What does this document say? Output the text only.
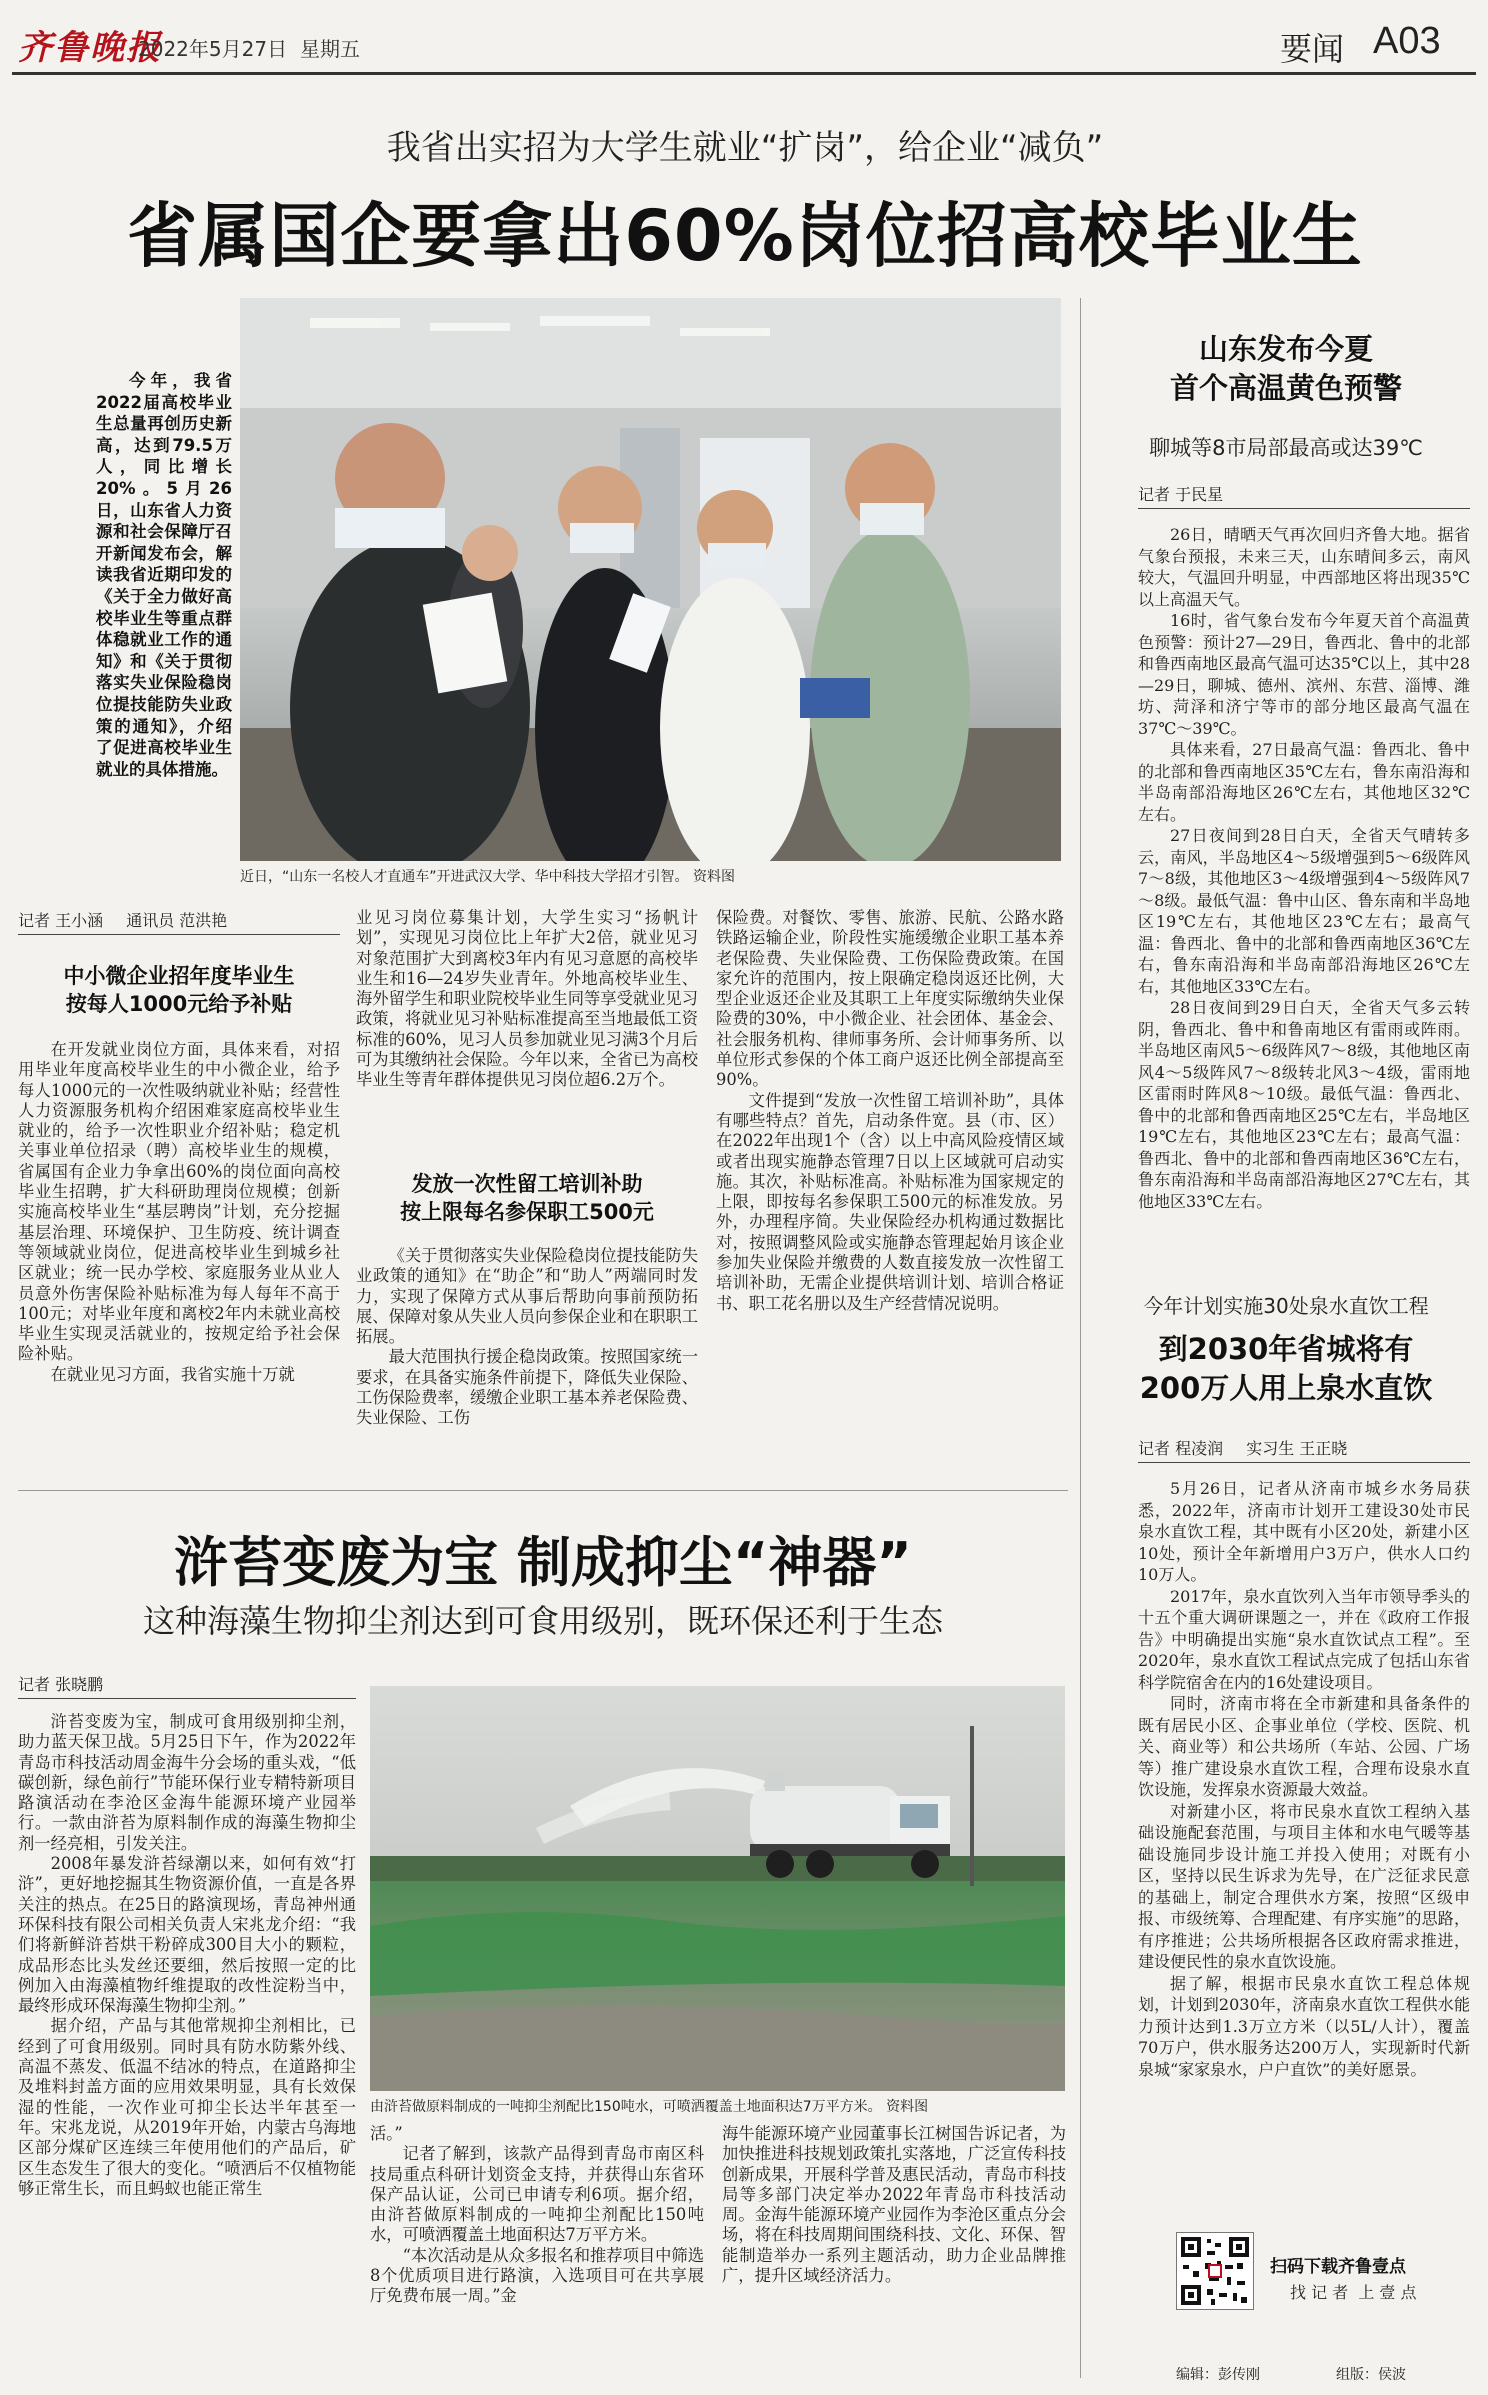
齐鲁晚报
2022年5月27日 星期五	要闻 A03
我省出实招为大学生就业“扩岗”，给企业“减负”
省属国企要拿出60%岗位招高校毕业生
近日，“山东一名校人才直通车”开进武汉大学、华中科技大学招才引智。 资料图
今年，我省2022届高校毕业生总量再创历史新高，达到79.5万人，同比增长20%。5月26日，山东省人力资源和社会保障厅召开新闻发布会，解读我省近期印发的《关于全力做好高校毕业生等重点群体稳就业工作的通知》和《关于贯彻落实失业保险稳岗位提技能防失业政策的通知》，介绍了促进高校毕业生就业的具体措施。
记者 王小涵 通讯员 范洪艳
中小微企业招年度毕业生
按每人1000元给予补贴

在开发就业岗位方面，具体来看，对招用毕业年度高校毕业生的中小微企业，给予每人1000元的一次性吸纳就业补贴；经营性人力资源服务机构介绍困难家庭高校毕业生就业的，给予一次性职业介绍补贴；稳定机关事业单位招录（聘）高校毕业生的规模，省属国有企业力争拿出60%的岗位面向高校毕业生招聘，扩大科研助理岗位规模；创新实施高校毕业生“基层聘岗”计划，充分挖掘基层治理、环境保护、卫生防疫、统计调查等领域就业岗位，促进高校毕业生到城乡社区就业；统一民办学校、家庭服务业从业人员意外伤害保险补贴标准为每人每年不高于100元；对毕业年度和离校2年内未就业高校毕业生实现灵活就业的，按规定给予社会保险补贴。

在就业见习方面，我省实施十万就

业见习岗位募集计划，大学生实习“扬帆计划”，实现见习岗位比上年扩大2倍，就业见习对象范围扩大到离校3年内有见习意愿的高校毕业生和16—24岁失业青年。外地高校毕业生、海外留学生和职业院校毕业生同等享受就业见习政策，将就业见习补贴标准提高至当地最低工资标准的60%，见习人员参加就业见习满3个月后可为其缴纳社会保险。今年以来，全省已为高校毕业生等青年群体提供见习岗位超6.2万个。

发放一次性留工培训补助
按上限每名参保职工500元

《关于贯彻落实失业保险稳岗位提技能防失业政策的通知》在“助企”和“助人”两端同时发力，实现了保障方式从事后帮助向事前预防拓展、保障对象从失业人员向参保企业和在职职工拓展。

最大范围执行援企稳岗政策。按照国家统一要求，在具备实施条件前提下，降低失业保险、工伤保险费率，缓缴企业职工基本养老保险费、失业保险、工伤

保险费。对餐饮、零售、旅游、民航、公路水路铁路运输企业，阶段性实施缓缴企业职工基本养老保险费、失业保险费、工伤保险费政策。在国家允许的范围内，按上限确定稳岗返还比例，大型企业返还企业及其职工上年度实际缴纳失业保险费的30%，中小微企业、社会团体、基金会、社会服务机构、律师事务所、会计师事务所、以单位形式参保的个体工商户返还比例全部提高至90%。

文件提到“发放一次性留工培训补助”，具体有哪些特点？首先，启动条件宽。县（市、区）在2022年出现1个（含）以上中高风险疫情区域或者出现实施静态管理7日以上区域就可启动实施。其次，补贴标准高。补贴标准为国家规定的上限，即按每名参保职工500元的标准发放。另外，办理程序简。失业保险经办机构通过数据比对，按照调整风险或实施静态管理起始月该企业参加失业保险并缴费的人数直接发放一次性留工培训补助，无需企业提供培训计划、培训合格证书、职工花名册以及生产经营情况说明。

山东发布今夏
首个高温黄色预警
聊城等8市局部最高或达39℃
记者 于民星

26日，晴晒天气再次回归齐鲁大地。据省气象台预报，未来三天，山东晴间多云，南风较大，气温回升明显，中西部地区将出现35℃以上高温天气。

16时，省气象台发布今年夏天首个高温黄色预警：预计27—29日，鲁西北、鲁中的北部和鲁西南地区最高气温可达35℃以上，其中28—29日，聊城、德州、滨州、东营、淄博、潍坊、菏泽和济宁等市的部分地区最高气温在37℃～39℃。

具体来看，27日最高气温：鲁西北、鲁中的北部和鲁西南地区35℃左右，鲁东南沿海和半岛南部沿海地区26℃左右，其他地区32℃左右。

27日夜间到28日白天，全省天气晴转多云，南风，半岛地区4～5级增强到5～6级阵风7～8级，其他地区3～4级增强到4～5级阵风7～8级。最低气温：鲁中山区、鲁东南和半岛地区19℃左右，其他地区23℃左右；最高气温：鲁西北、鲁中的北部和鲁西南地区36℃左右，鲁东南沿海和半岛南部沿海地区26℃左右，其他地区33℃左右。

28日夜间到29日白天，全省天气多云转阴，鲁西北、鲁中和鲁南地区有雷雨或阵雨。半岛地区南风5～6级阵风7～8级，其他地区南风4～5级阵风7～8级转北风3～4级，雷雨地区雷雨时阵风8～10级。最低气温：鲁西北、鲁中的北部和鲁西南地区25℃左右，半岛地区19℃左右，其他地区23℃左右；最高气温：鲁西北、鲁中的北部和鲁西南地区36℃左右，鲁东南沿海和半岛南部沿海地区27℃左右，其他地区33℃左右。

今年计划实施30处泉水直饮工程
到2030年省城将有
200万人用上泉水直饮
记者 程凌润 实习生 王正晓

5月26日，记者从济南市城乡水务局获悉，2022年，济南市计划开工建设30处市民泉水直饮工程，其中既有小区20处，新建小区10处，预计全年新增用户3万户，供水人口约10万人。

2017年，泉水直饮列入当年市领导季头的十五个重大调研课题之一，并在《政府工作报告》中明确提出实施“泉水直饮试点工程”。至2020年，泉水直饮工程试点完成了包括山东省科学院宿舍在内的16处建设项目。

同时，济南市将在全市新建和具备条件的既有居民小区、企事业单位（学校、医院、机关、商业等）和公共场所（车站、公园、广场等）推广建设泉水直饮工程，合理布设泉水直饮设施，发挥泉水资源最大效益。

对新建小区，将市民泉水直饮工程纳入基础设施配套范围，与项目主体和水电气暖等基础设施同步设计施工并投入使用；对既有小区，坚持以民生诉求为先导，在广泛征求民意的基础上，制定合理供水方案，按照“区级申报、市级统筹、合理配建、有序实施”的思路，有序推进；公共场所根据各区政府需求推进，建设便民性的泉水直饮设施。

据了解，根据市民泉水直饮工程总体规划，计划到2030年，济南泉水直饮工程供水能力预计达到1.3万立方米（以5L/人计），覆盖70万户，供水服务达200万人，实现新时代新泉城“家家泉水，户户直饮”的美好愿景。

扫码下载齐鲁壹点
找 记 者  上 壹 点
浒苔变废为宝 制成抑尘“神器”
这种海藻生物抑尘剂达到可食用级别，既环保还利于生态
记者 张晓鹏
由浒苔做原料制成的一吨抑尘剂配比150吨水，可喷洒覆盖土地面积达7万平方米。 资料图

浒苔变废为宝，制成可食用级别抑尘剂，助力蓝天保卫战。5月25日下午，作为2022年青岛市科技活动周金海牛分会场的重头戏，“低碳创新，绿色前行”节能环保行业专精特新项目路演活动在李沧区金海牛能源环境产业园举行。一款由浒苔为原料制作成的海藻生物抑尘剂一经亮相，引发关注。

2008年暴发浒苔绿潮以来，如何有效“打浒”，更好地挖掘其生物资源价值，一直是各界关注的热点。在25日的路演现场，青岛神州通环保科技有限公司相关负责人宋兆龙介绍：“我们将新鲜浒苔烘干粉碎成300目大小的颗粒，成品形态比头发丝还要细，然后按照一定的比例加入由海藻植物纤维提取的改性淀粉当中，最终形成环保海藻生物抑尘剂。”

据介绍，产品与其他常规抑尘剂相比，已经到了可食用级别。同时具有防水防紫外线、高温不蒸发、低温不结冰的特点，在道路抑尘及堆料封盖方面的应用效果明显，具有长效保湿的性能，一次作业可抑尘长达半年甚至一年。宋兆龙说，从2019年开始，内蒙古乌海地区部分煤矿区连续三年使用他们的产品后，矿区生态发生了很大的变化。“喷洒后不仅植物能够正常生长，而且蚂蚁也能正常生

活。”

记者了解到，该款产品得到青岛市南区科技局重点科研计划资金支持，并获得山东省环保产品认证，公司已申请专利6项。据介绍，由浒苔做原料制成的一吨抑尘剂配比150吨水，可喷洒覆盖土地面积达7万平方米。

“本次活动是从众多报名和推荐项目中筛选8个优质项目进行路演，入选项目可在共享展厅免费布展一周。”金

海牛能源环境产业园董事长江树国告诉记者，为加快推进科技规划政策扎实落地，广泛宣传科技创新成果，开展科学普及惠民活动，青岛市科技局等多部门决定举办2022年青岛市科技活动周。金海牛能源环境产业园作为李沧区重点分会场，将在科技周期间围绕科技、文化、环保、智能制造举办一系列主题活动，助力企业品牌推广，提升区域经济活力。

编辑：彭传刚	组版：侯波
